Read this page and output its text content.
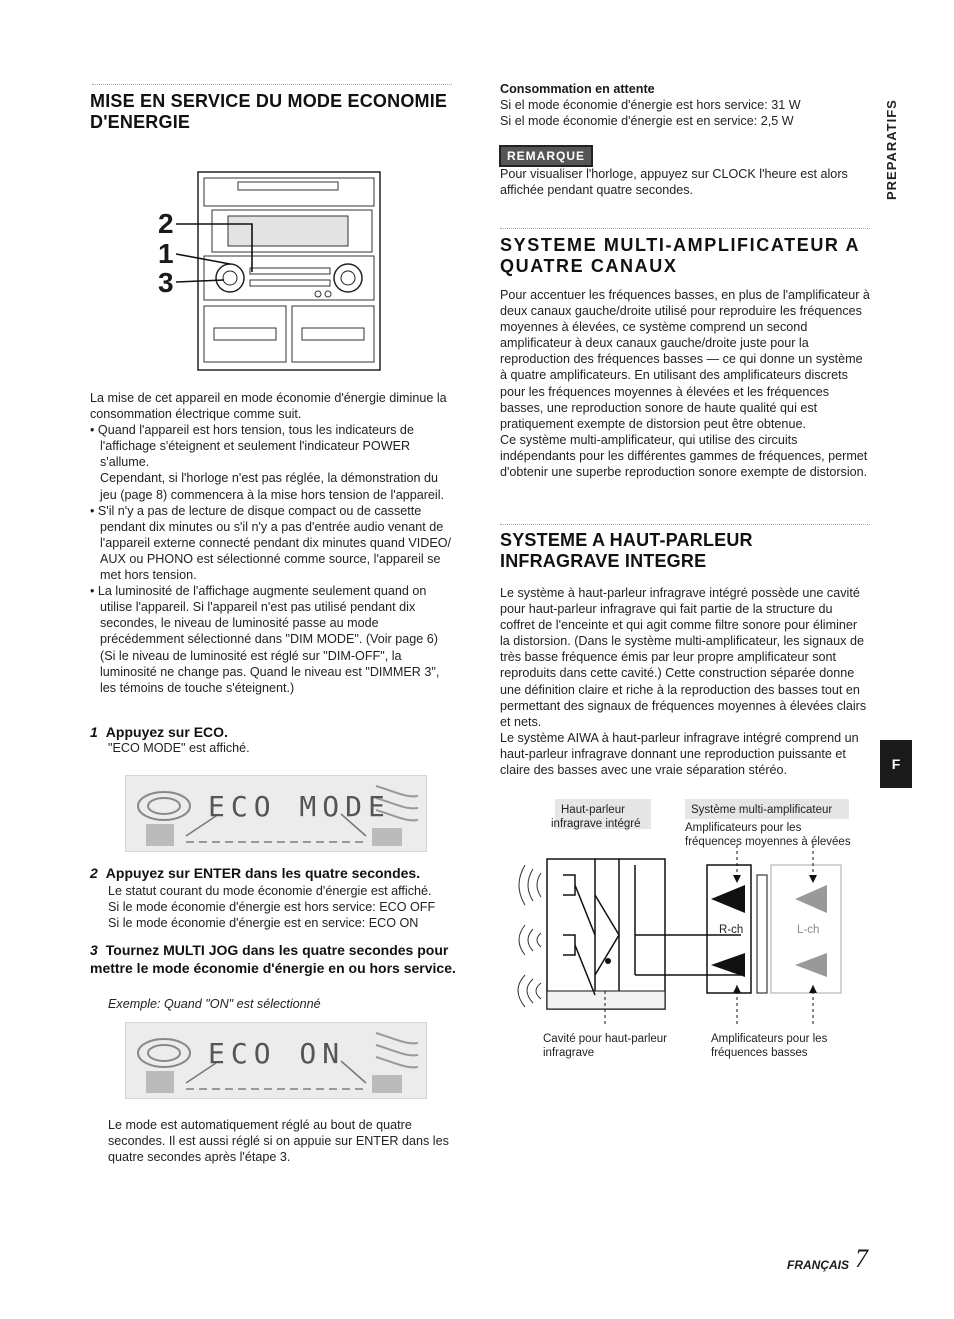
MISE EN SERVICE DU MODE ECONOMIE D'ENERGIE
2
1
3

La mise de cet appareil en mode économie d'énergie diminue la consommation électrique comme suit.

• Quand l'appareil est hors tension, tous les indicateurs de l'affichage s'éteignent et seulement l'indicateur POWER s'allume.

Cependant, si l'horloge n'est pas réglée, la démonstration du jeu (page 8) commencera à la mise hors tension de l'appareil.

• S'il n'y a pas de lecture de disque compact ou de cassette pendant dix minutes ou s'il n'y a pas d'entrée audio venant de l'appareil externe connecté pendant dix minutes quand VIDEO/ AUX ou PHONO est sélectionné comme source, l'appareil se met hors tension.

• La luminosité de l'affichage augmente seulement quand on utilise l'appareil. Si l'appareil n'est pas utilisé pendant dix secondes, le niveau de luminosité passe au mode précédemment sélectionné dans "DIM MODE". (Voir page 6) (Si le niveau de luminosité est réglé sur "DIM-OFF", la luminosité ne change pas. Quand le niveau est "DIMMER 3", les témoins de touche s'éteignent.)

1 Appuyez sur ECO.
"ECO MODE" est affiché.
ECO MODE
2 Appuyez sur ENTER dans les quatre secondes.
Le statut courant du mode économie d'énergie est affiché.
Si le mode économie d'énergie est hors service: ECO OFF
Si le mode économie d'énergie est en service: ECO ON
3 Tournez MULTI JOG dans les quatre secondes pour mettre le mode économie d'énergie en ou hors service.
Exemple: Quand "ON" est sélectionné
ECO ON
Le mode est automatiquement réglé au bout de quatre secondes. Il est aussi réglé si on appuie sur ENTER dans les quatre secondes après l'étape 3.
Consommation en attente
Si el mode économie d'énergie est hors service: 31 W
Si el mode économie d'énergie est en service: 2,5 W
REMARQUE
Pour visualiser l'horloge, appuyez sur CLOCK l'heure est alors affichée pendant quatre secondes.	PREPARATIFS
SYSTEME MULTI-AMPLIFICATEUR A QUATRE CANAUX

Pour accentuer les fréquences basses, en plus de l'amplificateur à deux canaux gauche/droite utilisé pour reproduire les fréquences moyennes à élevées, ce système comprend un second amplificateur à deux canaux gauche/droite juste pour la reproduction des fréquences basses — ce qui donne un système à quatre amplificateurs. En utilisant des amplificateurs discrets pour les fréquences moyennes à élevées et les fréquences basses, une reproduction sonore de haute qualité qui est pratiquement exempte de distorsion peut être obtenue.

Ce système multi-amplificateur, qui utilise des circuits indépendants pour les différentes gammes de fréquences, permet d'obtenir une superbe reproduction sonore exempte de distorsion.

SYSTEME A HAUT-PARLEUR INFRAGRAVE INTEGRE

Le système à haut-parleur infragrave intégré possède une cavité pour haut-parleur infragrave qui fait partie de la structure du coffret de l'enceinte et qui agit comme filtre sonore pour éliminer la distorsion. (Dans le système multi-amplificateur, les signaux de très basse fréquence émis par leur propre amplificateur sont reproduits dans cette cavité.) Cette construction séparée donne une définition claire et riche à la reproduction des basses tout en permettant des signaux de fréquences moyennes à élevées clairs et nets.

Le système AIWA à haut-parleur infragrave intégré comprend un haut-parleur infragrave donnant une reproduction puissante et claire des basses avec une vraie séparation stéréo.	F
Haut-parleur
infragrave intégré
Système multi-amplificateur
Amplificateurs pour les
fréquences moyennes à élevées
R-ch	L-ch
Cavité pour haut-parleur
infragrave
Amplificateurs pour les
fréquences basses
FRANÇAIS 7
